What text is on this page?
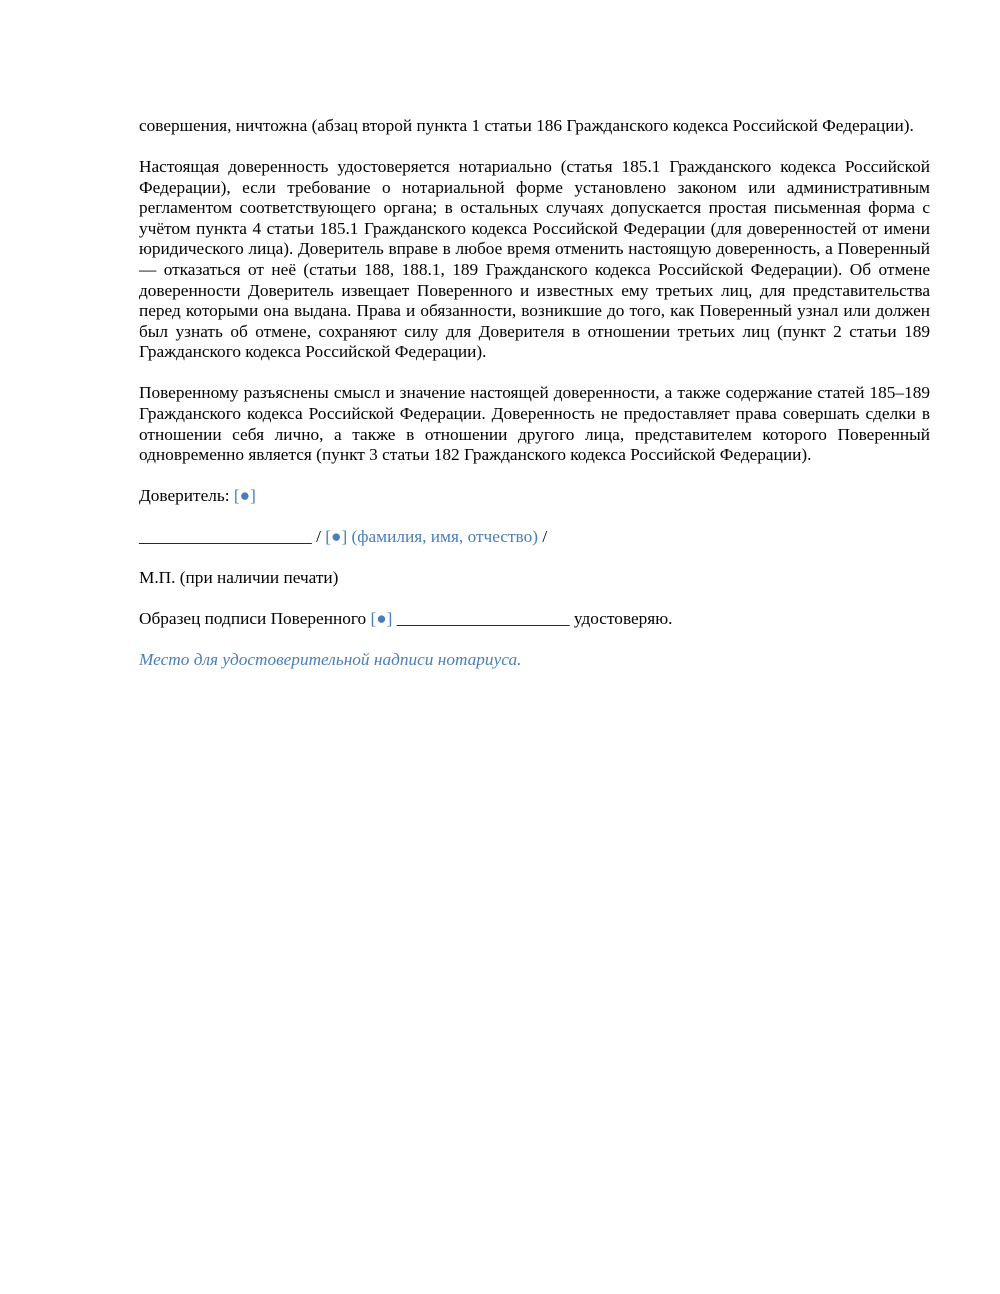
совершения, ничтожна (абзац второй пункта 1 статьи 186 Гражданского кодекса Российской Федерации).

Настоящая доверенность удостоверяется нотариально (статья 185.1 Гражданского кодекса Российской Федерации), если требование о нотариальной форме установлено законом или административным регламентом соответствующего органа; в остальных случаях допускается простая письменная форма с учётом пункта 4 статьи 185.1 Гражданского кодекса Российской Федерации (для доверенностей от имени юридического лица). Доверитель вправе в любое время отменить настоящую доверенность, а Поверенный — отказаться от неё (статьи 188, 188.1, 189 Гражданского кодекса Российской Федерации). Об отмене доверенности Доверитель извещает Поверенного и известных ему третьих лиц, для представительства перед которыми она выдана. Права и обязанности, возникшие до того, как Поверенный узнал или должен был узнать об отмене, сохраняют силу для Доверителя в отношении третьих лиц (пункт 2 статьи 189 Гражданского кодекса Российской Федерации).

Поверенному разъяснены смысл и значение настоящей доверенности, а также содержание статей 185–189 Гражданского кодекса Российской Федерации. Доверенность не предоставляет права совершать сделки в отношении себя лично, а также в отношении другого лица, представителем которого Поверенный одновременно является (пункт 3 статьи 182 Гражданского кодекса Российской Федерации).

Доверитель: [●]
____________________ / [●] (фамилия, имя, отчество) /
М.П. (при наличии печати)
Образец подписи Поверенного [●] ____________________ удостоверяю.
Место для удостоверительной надписи нотариуса.
